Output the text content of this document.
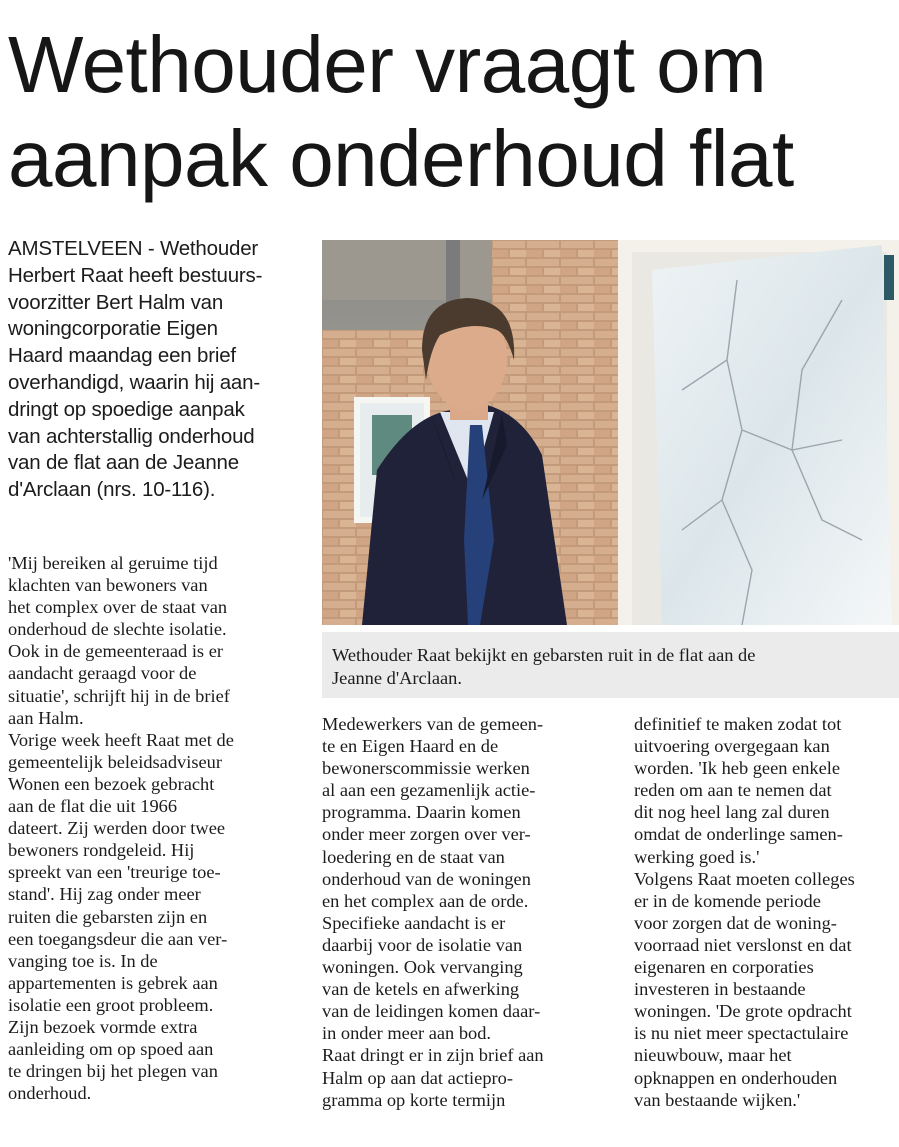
Wethouder vraagt om
aanpak onderhoud flat
AMSTELVEEN - Wethouder
Herbert Raat heeft bestuurs-
voorzitter Bert Halm van
woningcorporatie Eigen
Haard maandag een brief
overhandigd, waarin hij aan-
dringt op spoedige aanpak
van achterstallig onderhoud
van de flat aan de Jeanne
d'Arclaan (nrs. 10-116).
Wethouder Raat bekijkt en gebarsten ruit in de flat aan de
Jeanne d'Arclaan.
'Mij bereiken al geruime tijd
klachten van bewoners van
het complex over de staat van
onderhoud de slechte isolatie.
Ook in de gemeenteraad is er
aandacht geraagd voor de
situatie', schrijft hij in de brief
aan Halm.
Vorige week heeft Raat met de
gemeentelijk beleidsadviseur
Wonen een bezoek gebracht
aan de flat die uit 1966
dateert. Zij werden door twee
bewoners rondgeleid. Hij
spreekt van een 'treurige toe-
stand'. Hij zag onder meer
ruiten die gebarsten zijn en
een toegangsdeur die aan ver-
vanging toe is. In de
appartementen is gebrek aan
isolatie een groot probleem.
Zijn bezoek vormde extra
aanleiding om op spoed aan
te dringen bij het plegen van
onderhoud.
Medewerkers van de gemeen-
te en Eigen Haard en de
bewonerscommissie werken
al aan een gezamenlijk actie-
programma. Daarin komen
onder meer zorgen over ver-
loedering en de staat van
onderhoud van de woningen
en het complex aan de orde.
Specifieke aandacht is er
daarbij voor de isolatie van
woningen. Ook vervanging
van de ketels en afwerking
van de leidingen komen daar-
in onder meer aan bod.
Raat dringt er in zijn brief aan
Halm op aan dat actiepro-
gramma op korte termijn
definitief te maken zodat tot
uitvoering overgegaan kan
worden. 'Ik heb geen enkele
reden om aan te nemen dat
dit nog heel lang zal duren
omdat de onderlinge samen-
werking goed is.'
Volgens Raat moeten colleges
er in de komende periode
voor zorgen dat de woning-
voorraad niet verslonst en dat
eigenaren en corporaties
investeren in bestaande
woningen. 'De grote opdracht
is nu niet meer spectactulaire
nieuwbouw, maar het
opknappen en onderhouden
van bestaande wijken.'
